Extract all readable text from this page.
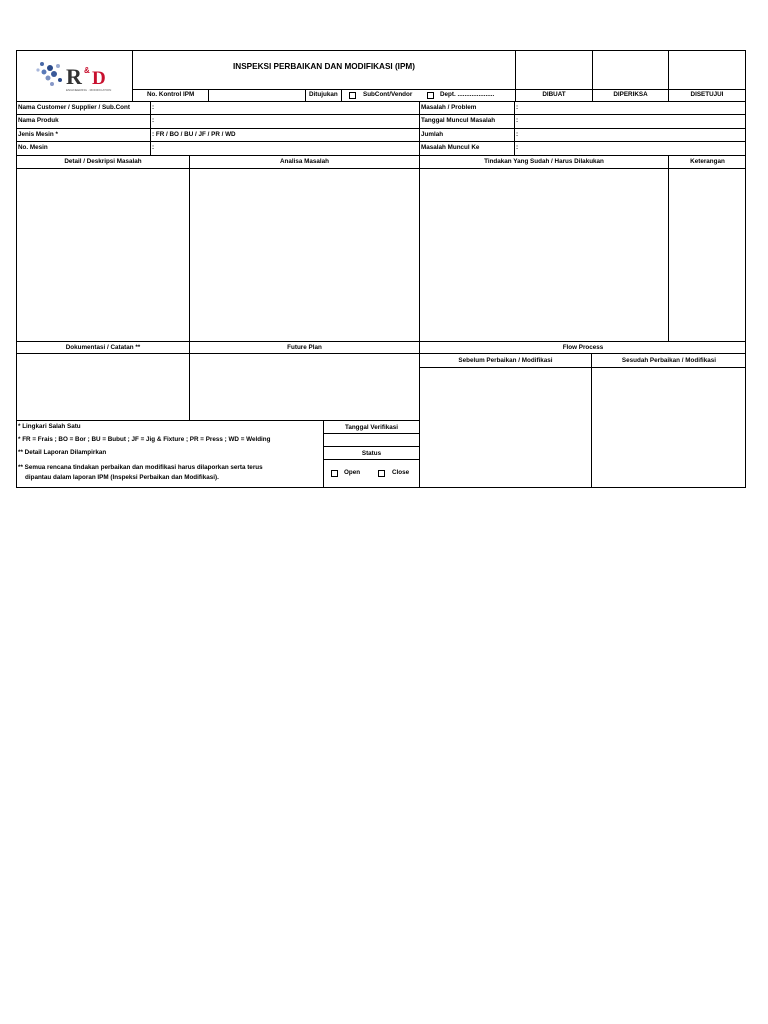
R & D
ENGINEERING · MODIFICATION
INSPEKSI PERBAIKAN DAN MODIFIKASI (IPM)
No. Kontrol IPM	Ditujukan	SubCont/Vendor	Dept. .....................	DIBUAT	DIPERIKSA	DISETUJUI
Nama Customer / Supplier / Sub.Cont	:
Nama Produk	:
Jenis Mesin *	: FR / BO / BU / JF / PR / WD
No. Mesin	:
Masalah / Problem	:
Tanggal Muncul Masalah	:
Jumlah	:
Masalah Muncul Ke	:
Detail / Deskripsi Masalah	Analisa Masalah	Tindakan Yang Sudah / Harus Dilakukan	Keterangan
Dokumentasi / Catatan **	Future Plan	Flow Process
Sebelum Perbaikan / Modifikasi	Sesudah Perbaikan / Modifikasi
* Lingkari Salah Satu
* FR = Frais ; BO = Bor ; BU = Bubut ; JF = Jig & Fixture ; PR = Press ; WD = Welding
** Detail Laporan Dilampirkan
** Semua rencana tindakan perbaikan dan modifikasi harus dilaporkan serta terus
dipantau dalam laporan IPM (Inspeksi Perbaikan dan Modifikasi).
Tanggal Verifikasi
Status
Open	Close
